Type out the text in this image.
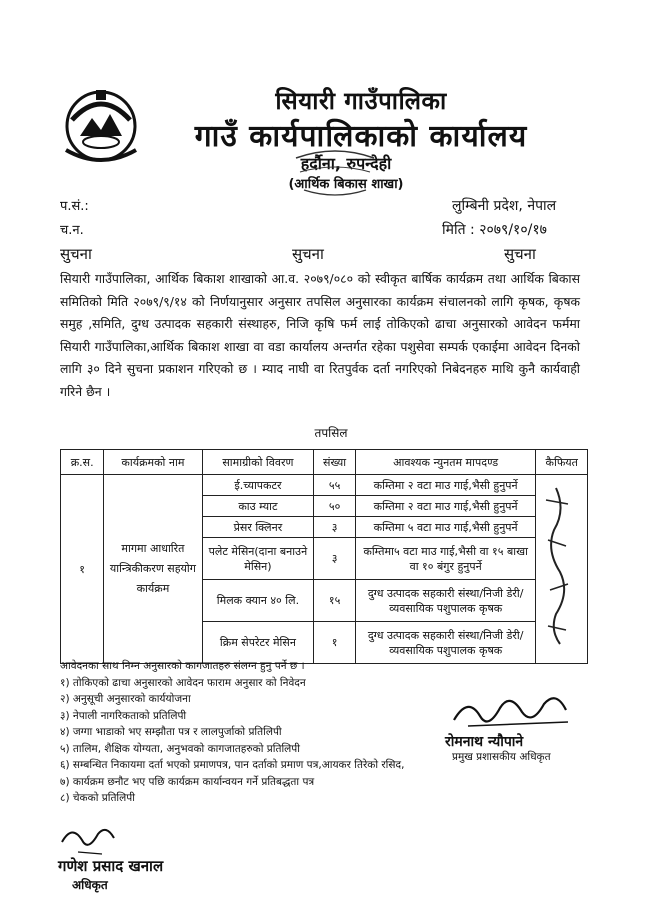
सियारी गाउँपालिका
गाउँ कार्यपालिकाको कार्यालय
हर्दौना, रुपन्देही
(आर्थिक बिकास शाखा)
प.सं.:
च.न.
लुम्बिनी प्रदेश, नेपाल
मिति : २०७९/१०/१७
सुचना	सुचना	सुचना
सियारी गाउँपालिका, आर्थिक बिकाश शाखाको आ.व. २०७९/०८० को स्वीकृत बार्षिक कार्यक्रम तथा आर्थिक बिकास समितिको मिति २०७९/९/१४ को निर्णयानुसार अनुसार तपसिल अनुसारका कार्यक्रम संचालनको लागि कृषक, कृषक समुह ,समिति, दुग्ध उत्पादक सहकारी संस्थाहरु, निजि कृषि फर्म लाई तोकिएको ढाचा अनुसारको आवेदन फर्ममा सियारी गाउँपालिका,आर्थिक बिकाश शाखा वा वडा कार्यालय अन्तर्गत रहेका पशुसेवा सम्पर्क एकाईमा आवेदन दिनको लागि ३० दिने सुचना प्रकाशन गरिएको छ । म्याद नाघी वा रितपुर्वक दर्ता नगरिएको निबेदनहरु माथि कुनै कार्यवाही गरिने छैन ।
तपसिल
क्र.स.	कार्यक्रमको नाम	सामाग्रीको विवरण	संख्या	आवश्यक न्युनतम मापदण्ड	कैफियत
१	मागमा आधारित यान्त्रिकीकरण सहयोग कार्यक्रम	ई.च्यापकटर	५५	कम्तिमा २ वटा माउ गाई,भैसी हुनुपर्ने	
		काउ म्याट	५०	कम्तिमा २ वटा माउ गाई,भैसी हुनुपर्ने	
		प्रेसर क्लिनर	३	कम्तिमा ५ वटा माउ गाई,भैसी हुनुपर्ने	
		पलेट मेसिन(दाना बनाउने मेसिन)	३	कम्तिमा५ वटा माउ गाई,भैसी वा १५ बाखा वा १० बंगुर हुनुपर्ने	
		मिलक क्यान ४० लि.	१५	दुग्ध उत्पादक सहकारी संस्था/निजी डेरी/व्यवसायिक पशुपालक कृषक	
		क्रिम सेपरेटर मेसिन	१	दुग्ध उत्पादक सहकारी संस्था/निजी डेरी/व्यवसायिक पशुपालक कृषक	
आवेदनका साथ निम्न अनुसारको कागजातहरु संलग्न हुनु पर्ने छ ।
१) तोकिएको ढाचा अनुसारको आवेदन फाराम अनुसार को निवेदन
२) अनुसूची अनुसारको कार्ययोजना
३) नेपाली नागरिकताको प्रतिलिपी
४) जग्गा भाडाको भए सम्झौता पत्र र लालपुर्जाको प्रतिलिपी
५) तालिम, शैक्षिक योग्यता, अनुभवको कागजातहरुको प्रतिलिपी
६) सम्बन्धित निकायमा दर्ता भएको प्रमाणपत्र, पान दर्ताको प्रमाण पत्र,आयकर तिरेको रसिद,
७) कार्यक्रम छनौट भए पछि कार्यक्रम कार्यान्वयन गर्ने प्रतिबद्धता पत्र
८) चेकको प्रतिलिपी
रोमनाथ न्यौपाने
प्रमुख प्रशासकीय अधिकृत
गणेश प्रसाद खनाल
अधिकृत
